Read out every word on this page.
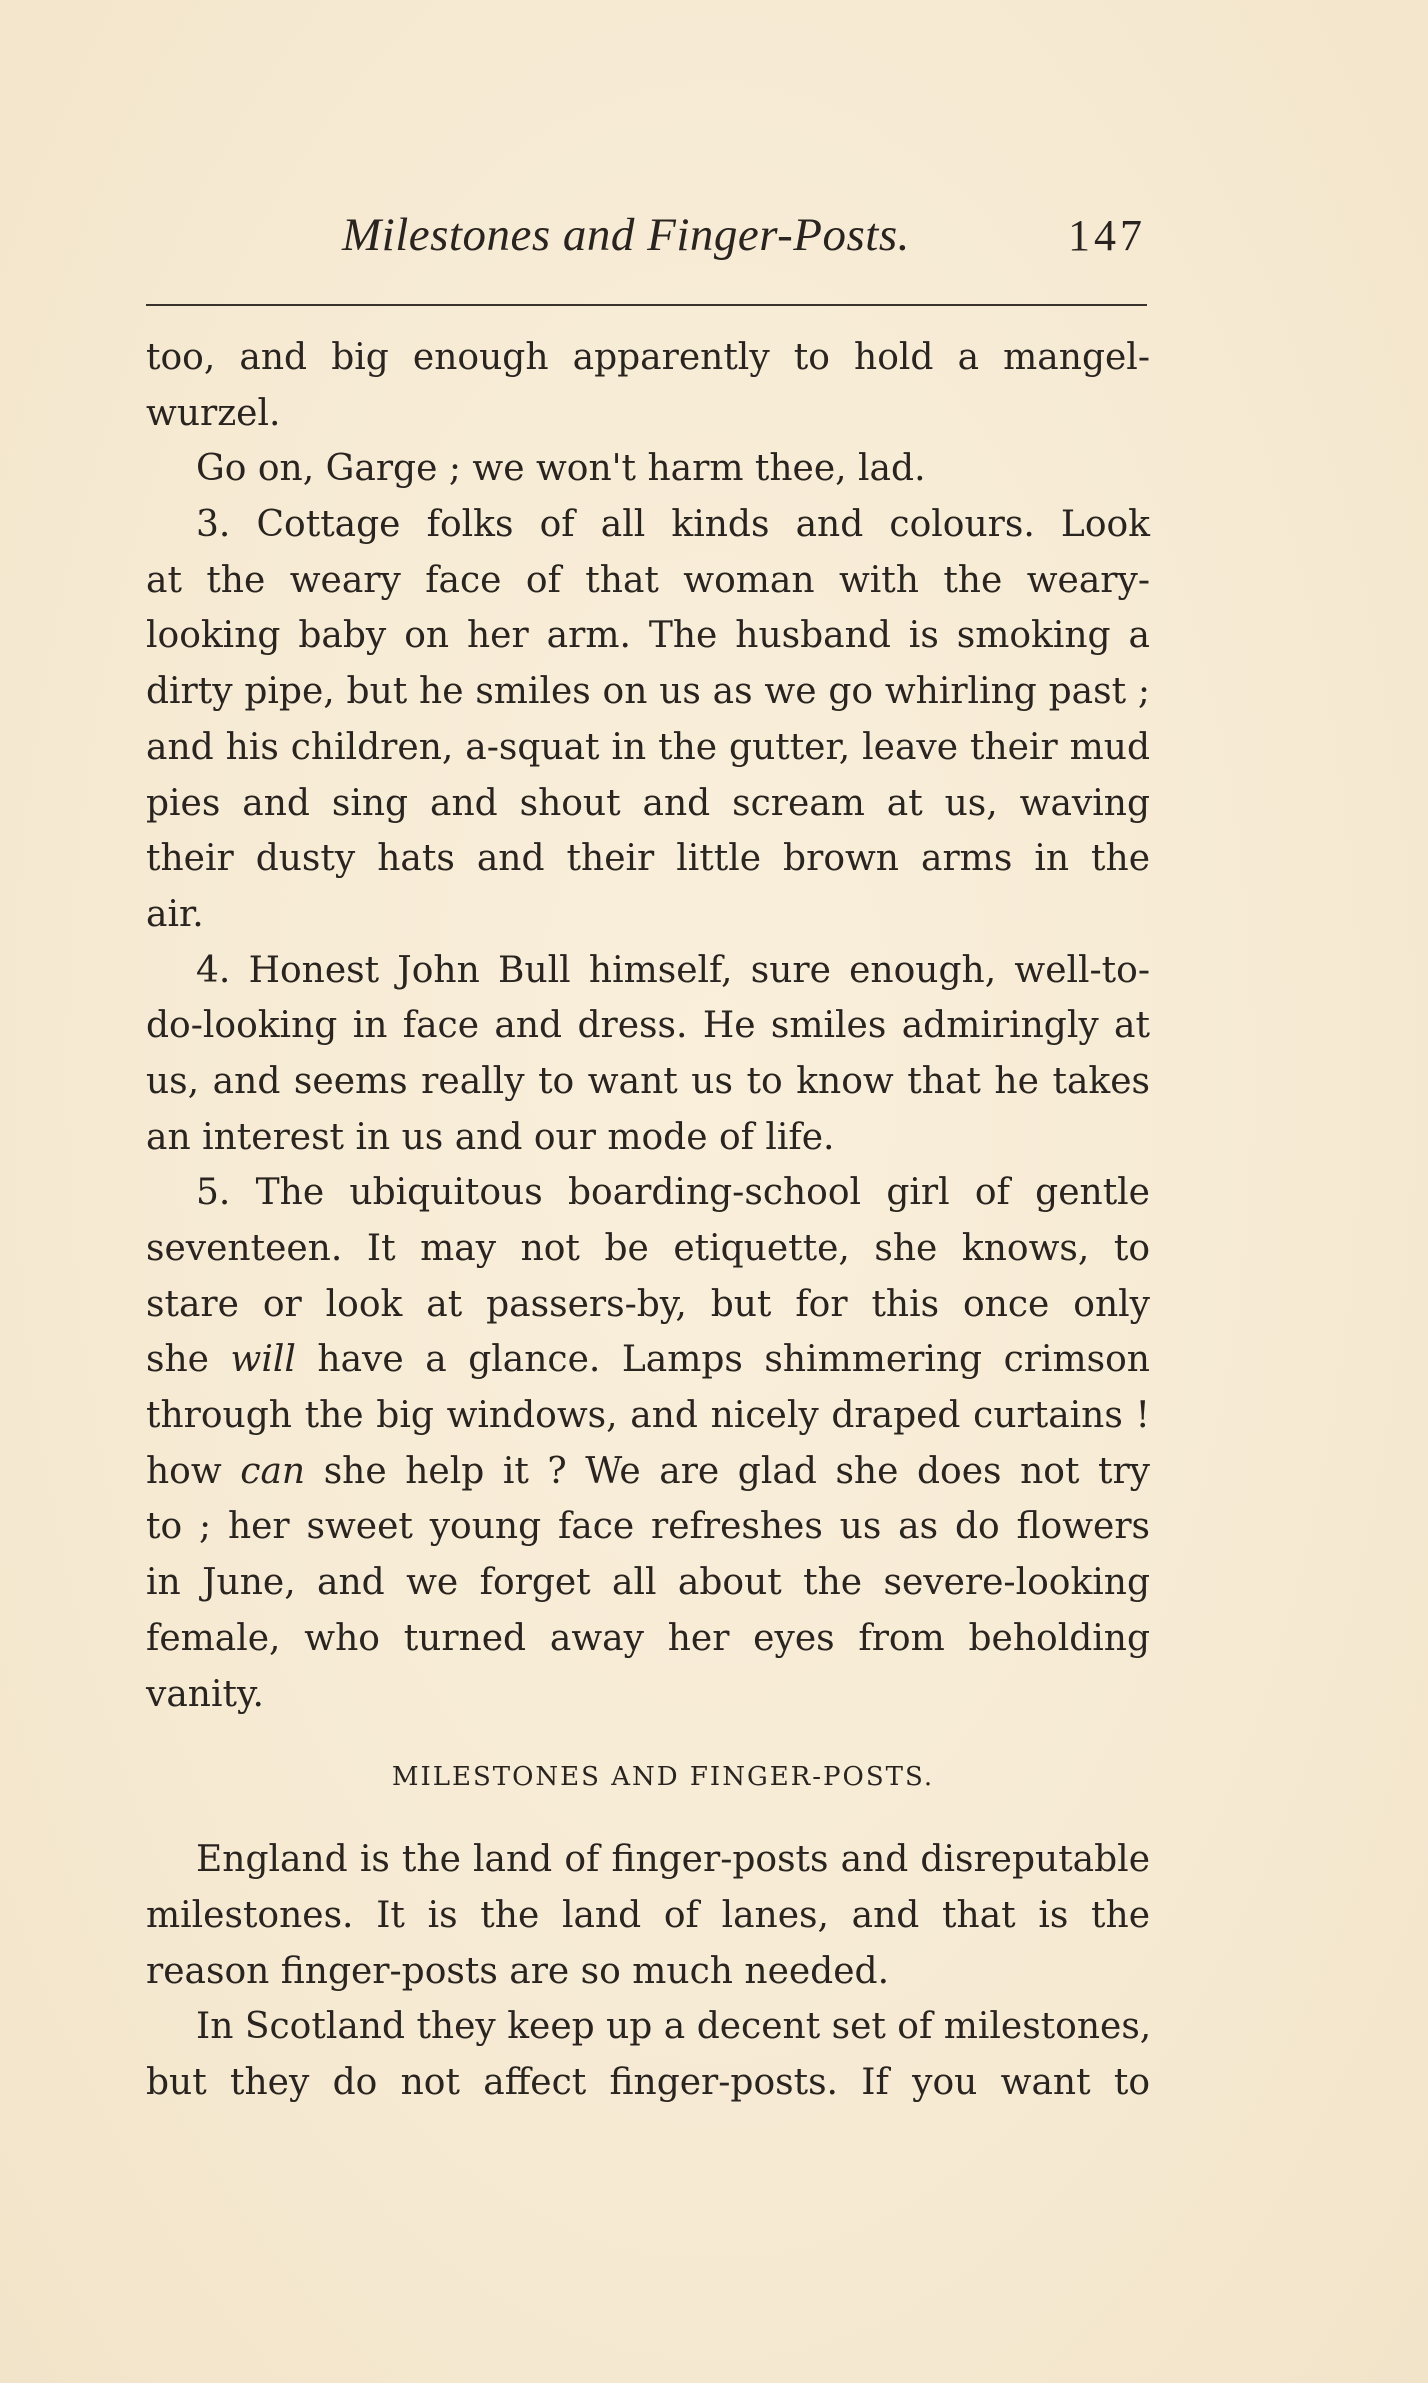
Milestones and Finger-Posts.	147
too, and big enough apparently to hold a mangel-
wurzel.
Go on, Garge ; we won't harm thee, lad.
3. Cottage folks of all kinds and colours. Look
at the weary face of that woman with the weary-
looking baby on her arm. The husband is smoking a
dirty pipe, but he smiles on us as we go whirling past ;
and his children, a-squat in the gutter, leave their mud
pies and sing and shout and scream at us, waving
their dusty hats and their little brown arms in the
air.
4. Honest John Bull himself, sure enough, well-to-
do-looking in face and dress. He smiles admiringly at
us, and seems really to want us to know that he takes
an interest in us and our mode of life.
5. The ubiquitous boarding-school girl of gentle
seventeen. It may not be etiquette, she knows, to
stare or look at passers-by, but for this once only
she will have a glance. Lamps shimmering crimson
through the big windows, and nicely draped curtains !
how can she help it ? We are glad she does not try
to ; her sweet young face refreshes us as do flowers
in June, and we forget all about the severe-looking
female, who turned away her eyes from beholding
vanity.
MILESTONES AND FINGER-POSTS.
England is the land of finger-posts and disreputable
milestones. It is the land of lanes, and that is the
reason finger-posts are so much needed.
In Scotland they keep up a decent set of milestones,
but they do not affect finger-posts. If you want to
